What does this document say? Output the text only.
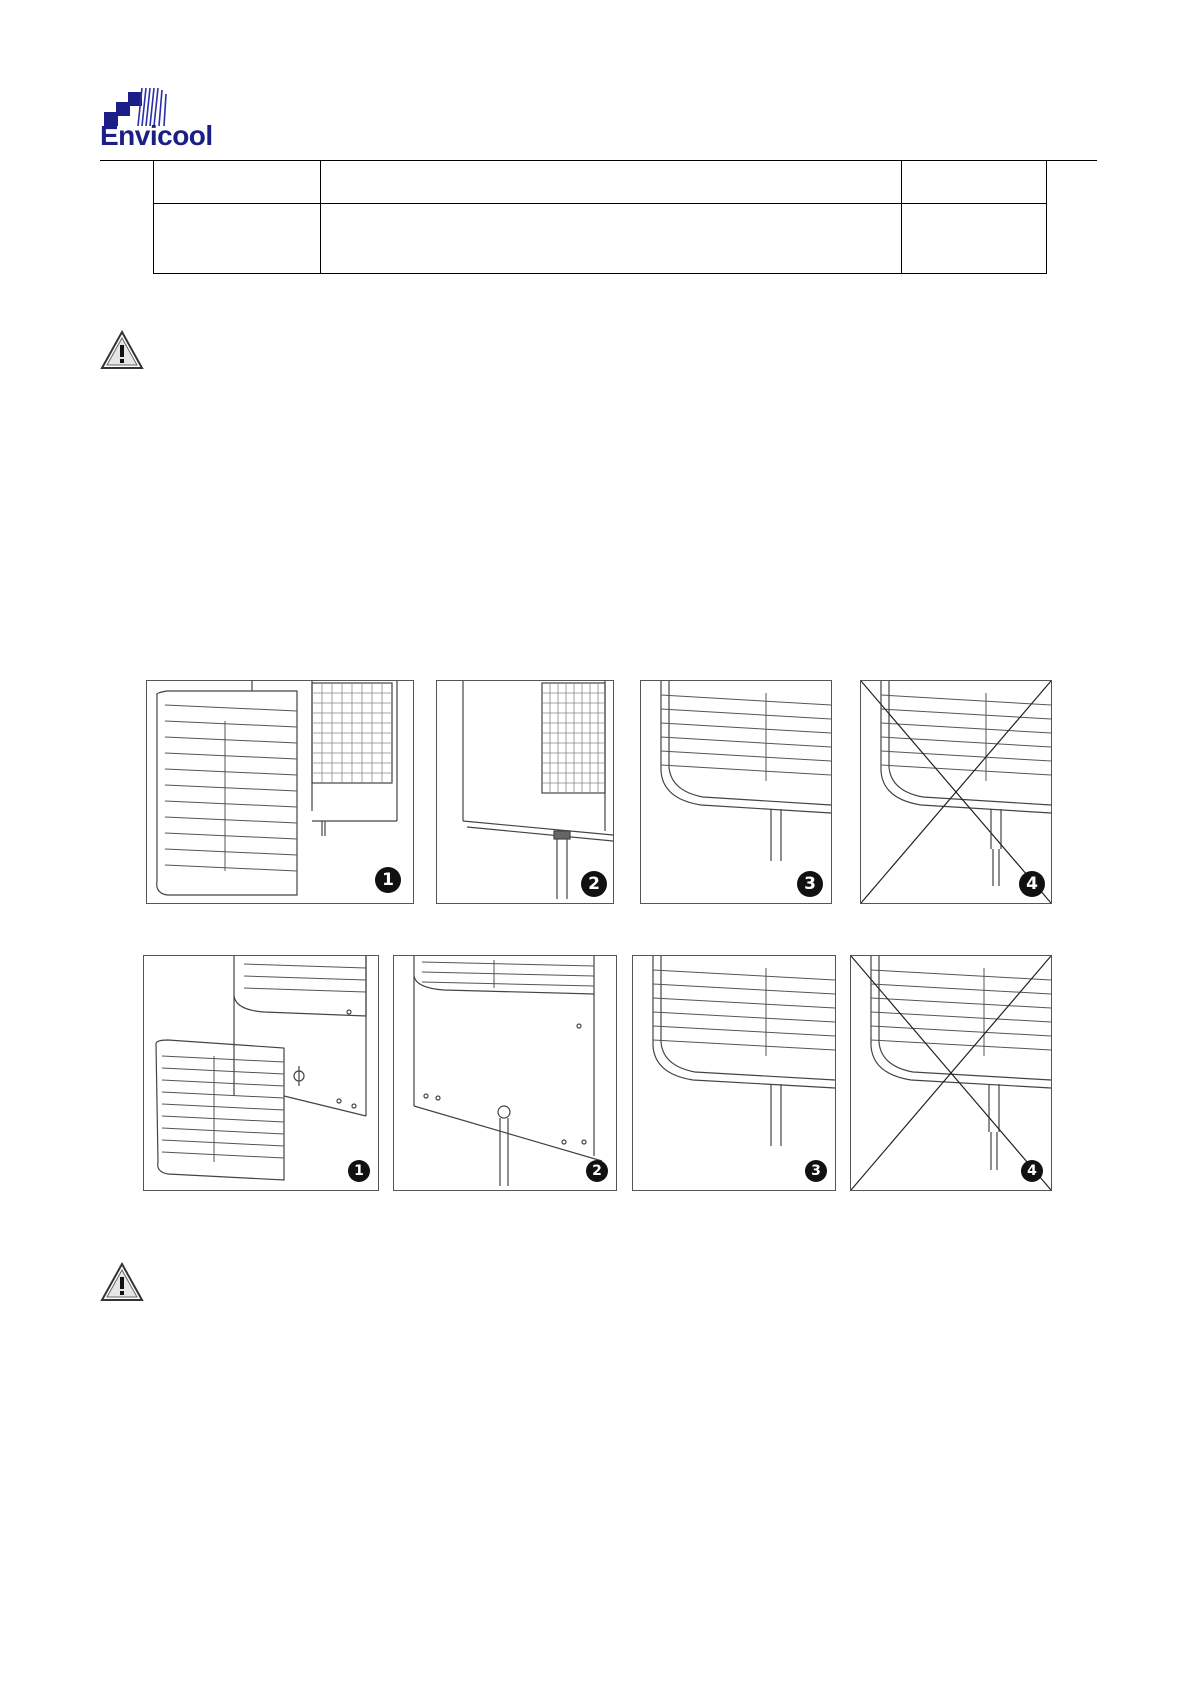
Envicool

1	2	3	4
1	2	3	4
